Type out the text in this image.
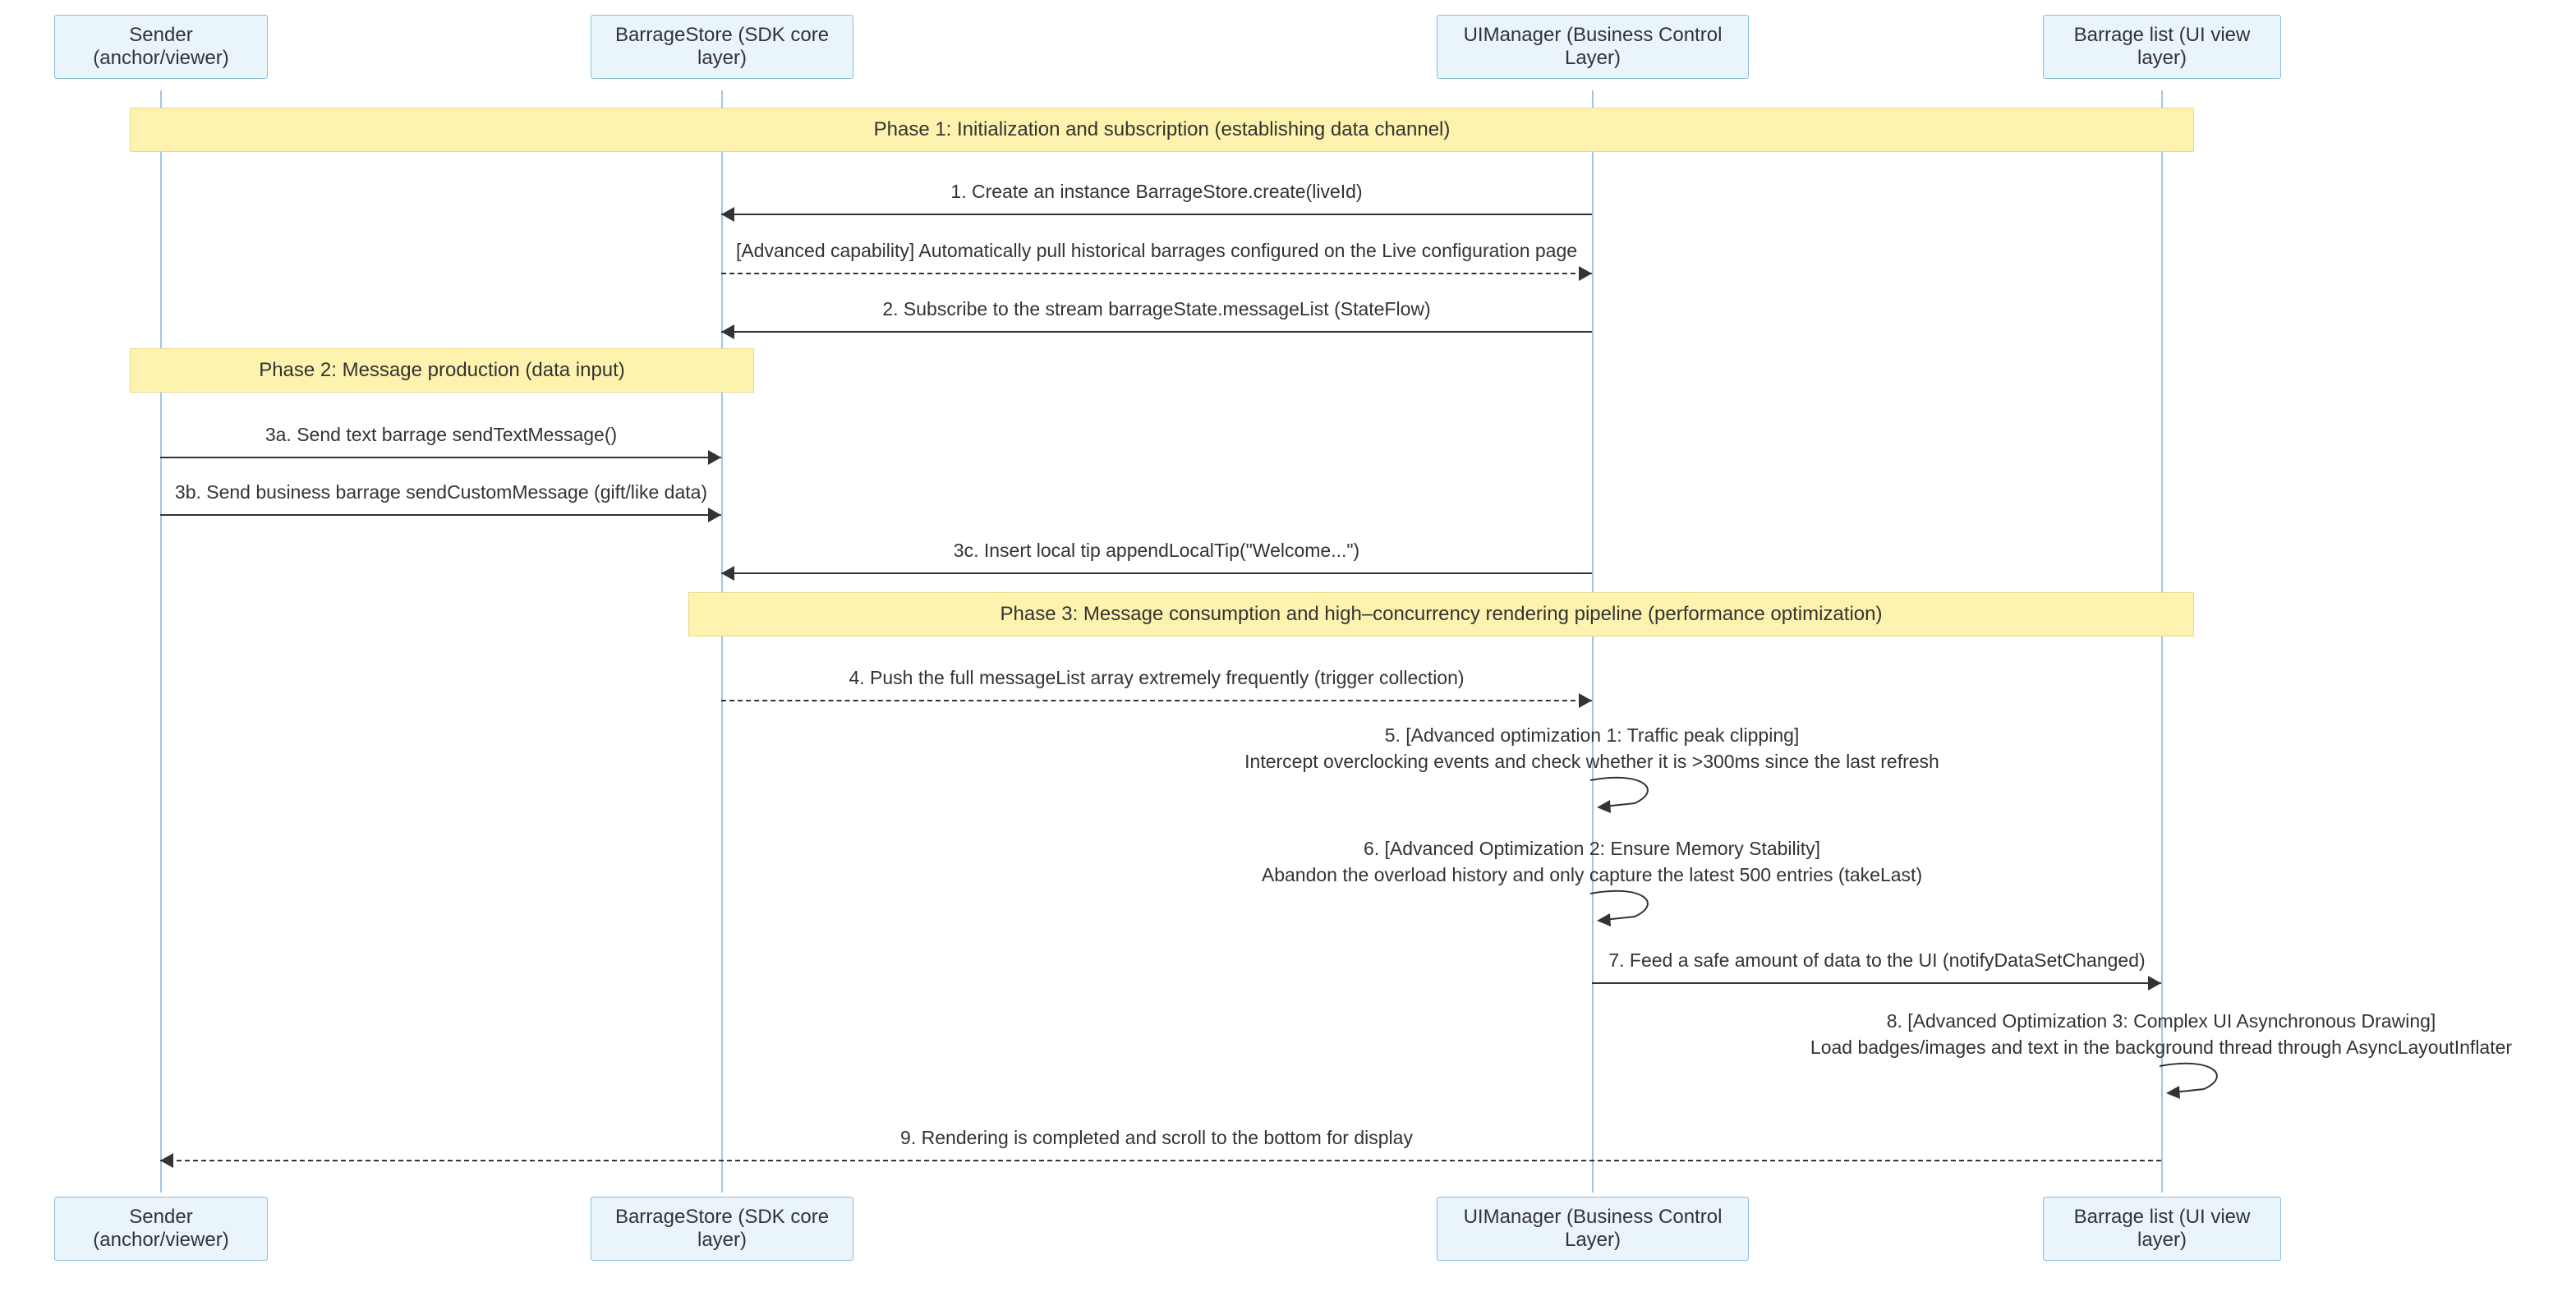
Sender (anchor/viewer)
BarrageStore (SDK core layer)
UIManager (Business Control Layer)
Barrage list (UI view layer)
Sender (anchor/viewer)
BarrageStore (SDK core layer)
UIManager (Business Control Layer)
Barrage list (UI view layer)
Phase 1: Initialization and subscription (establishing data channel)
1. Create an instance BarrageStore.create(liveId)
[Advanced capability] Automatically pull historical barrages configured on the Live configuration page
2. Subscribe to the stream barrageState.messageList (StateFlow)
Phase 2: Message production (data input)
3a. Send text barrage sendTextMessage()
3b. Send business barrage sendCustomMessage (gift/like data)
3c. Insert local tip appendLocalTip("Welcome...")
Phase 3: Message consumption and high–concurrency rendering pipeline (performance optimization)
4. Push the full messageList array extremely frequently (trigger collection)
5. [Advanced optimization 1: Traffic peak clipping]
Intercept overclocking events and check whether it is >300ms since the last refresh
6. [Advanced Optimization 2: Ensure Memory Stability]
Abandon the overload history and only capture the latest 500 entries (takeLast)
7. Feed a safe amount of data to the UI (notifyDataSetChanged)
8. [Advanced Optimization 3: Complex UI Asynchronous Drawing]
Load badges/images and text in the background thread through AsyncLayoutInflater
9. Rendering is completed and scroll to the bottom for display
